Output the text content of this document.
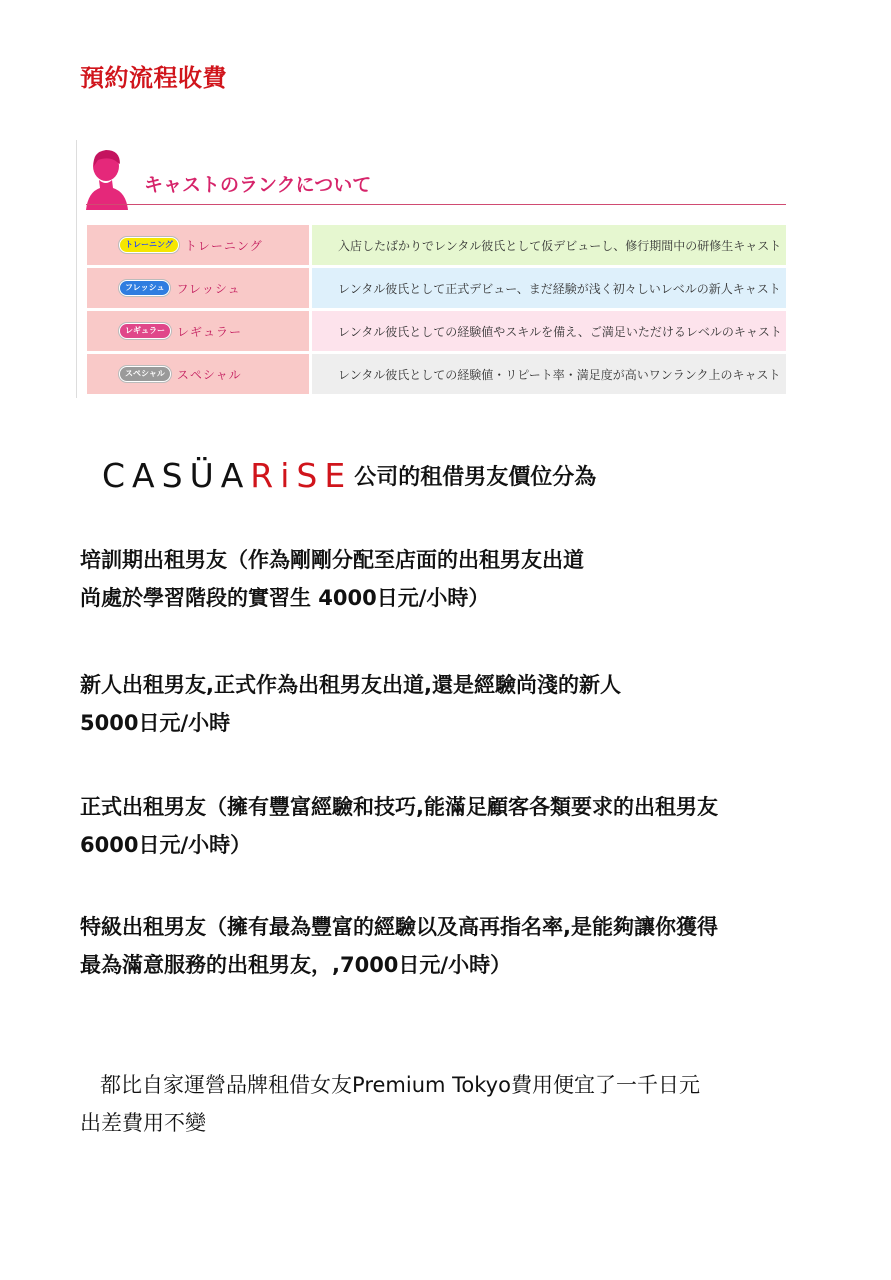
預約流程收費
キャストのランクについて
トレーニング トレーニング	入店したばかりでレンタル彼氏として仮デビューし、修行期間中の研修生キャスト
フレッシュ フレッシュ	レンタル彼氏として正式デビュー、まだ経験が浅く初々しいレベルの新人キャスト
レギュラー レギュラー	レンタル彼氏としての経験値やスキルを備え、ご満足いただけるレベルのキャスト
スペシャル スペシャル	レンタル彼氏としての経験値・リピート率・満足度が高いワンランク上のキャスト
CASÜARiSE 公司的租借男友價位分為
培訓期出租男友（作為剛剛分配至店面的出租男友出道
尚處於學習階段的實習生 4000日元/小時）
新人出租男友,正式作為出租男友出道,還是經驗尚淺的新人
5000日元/小時
正式出租男友（擁有豐富經驗和技巧,能滿足顧客各類要求的出租男友
6000日元/小時）
特級出租男友（擁有最為豐富的經驗以及高再指名率,是能夠讓你獲得
最為滿意服務的出租男友，,7000日元/小時）
都比自家運營品牌租借女友Premium Tokyo費用便宜了一千日元
出差費用不變
